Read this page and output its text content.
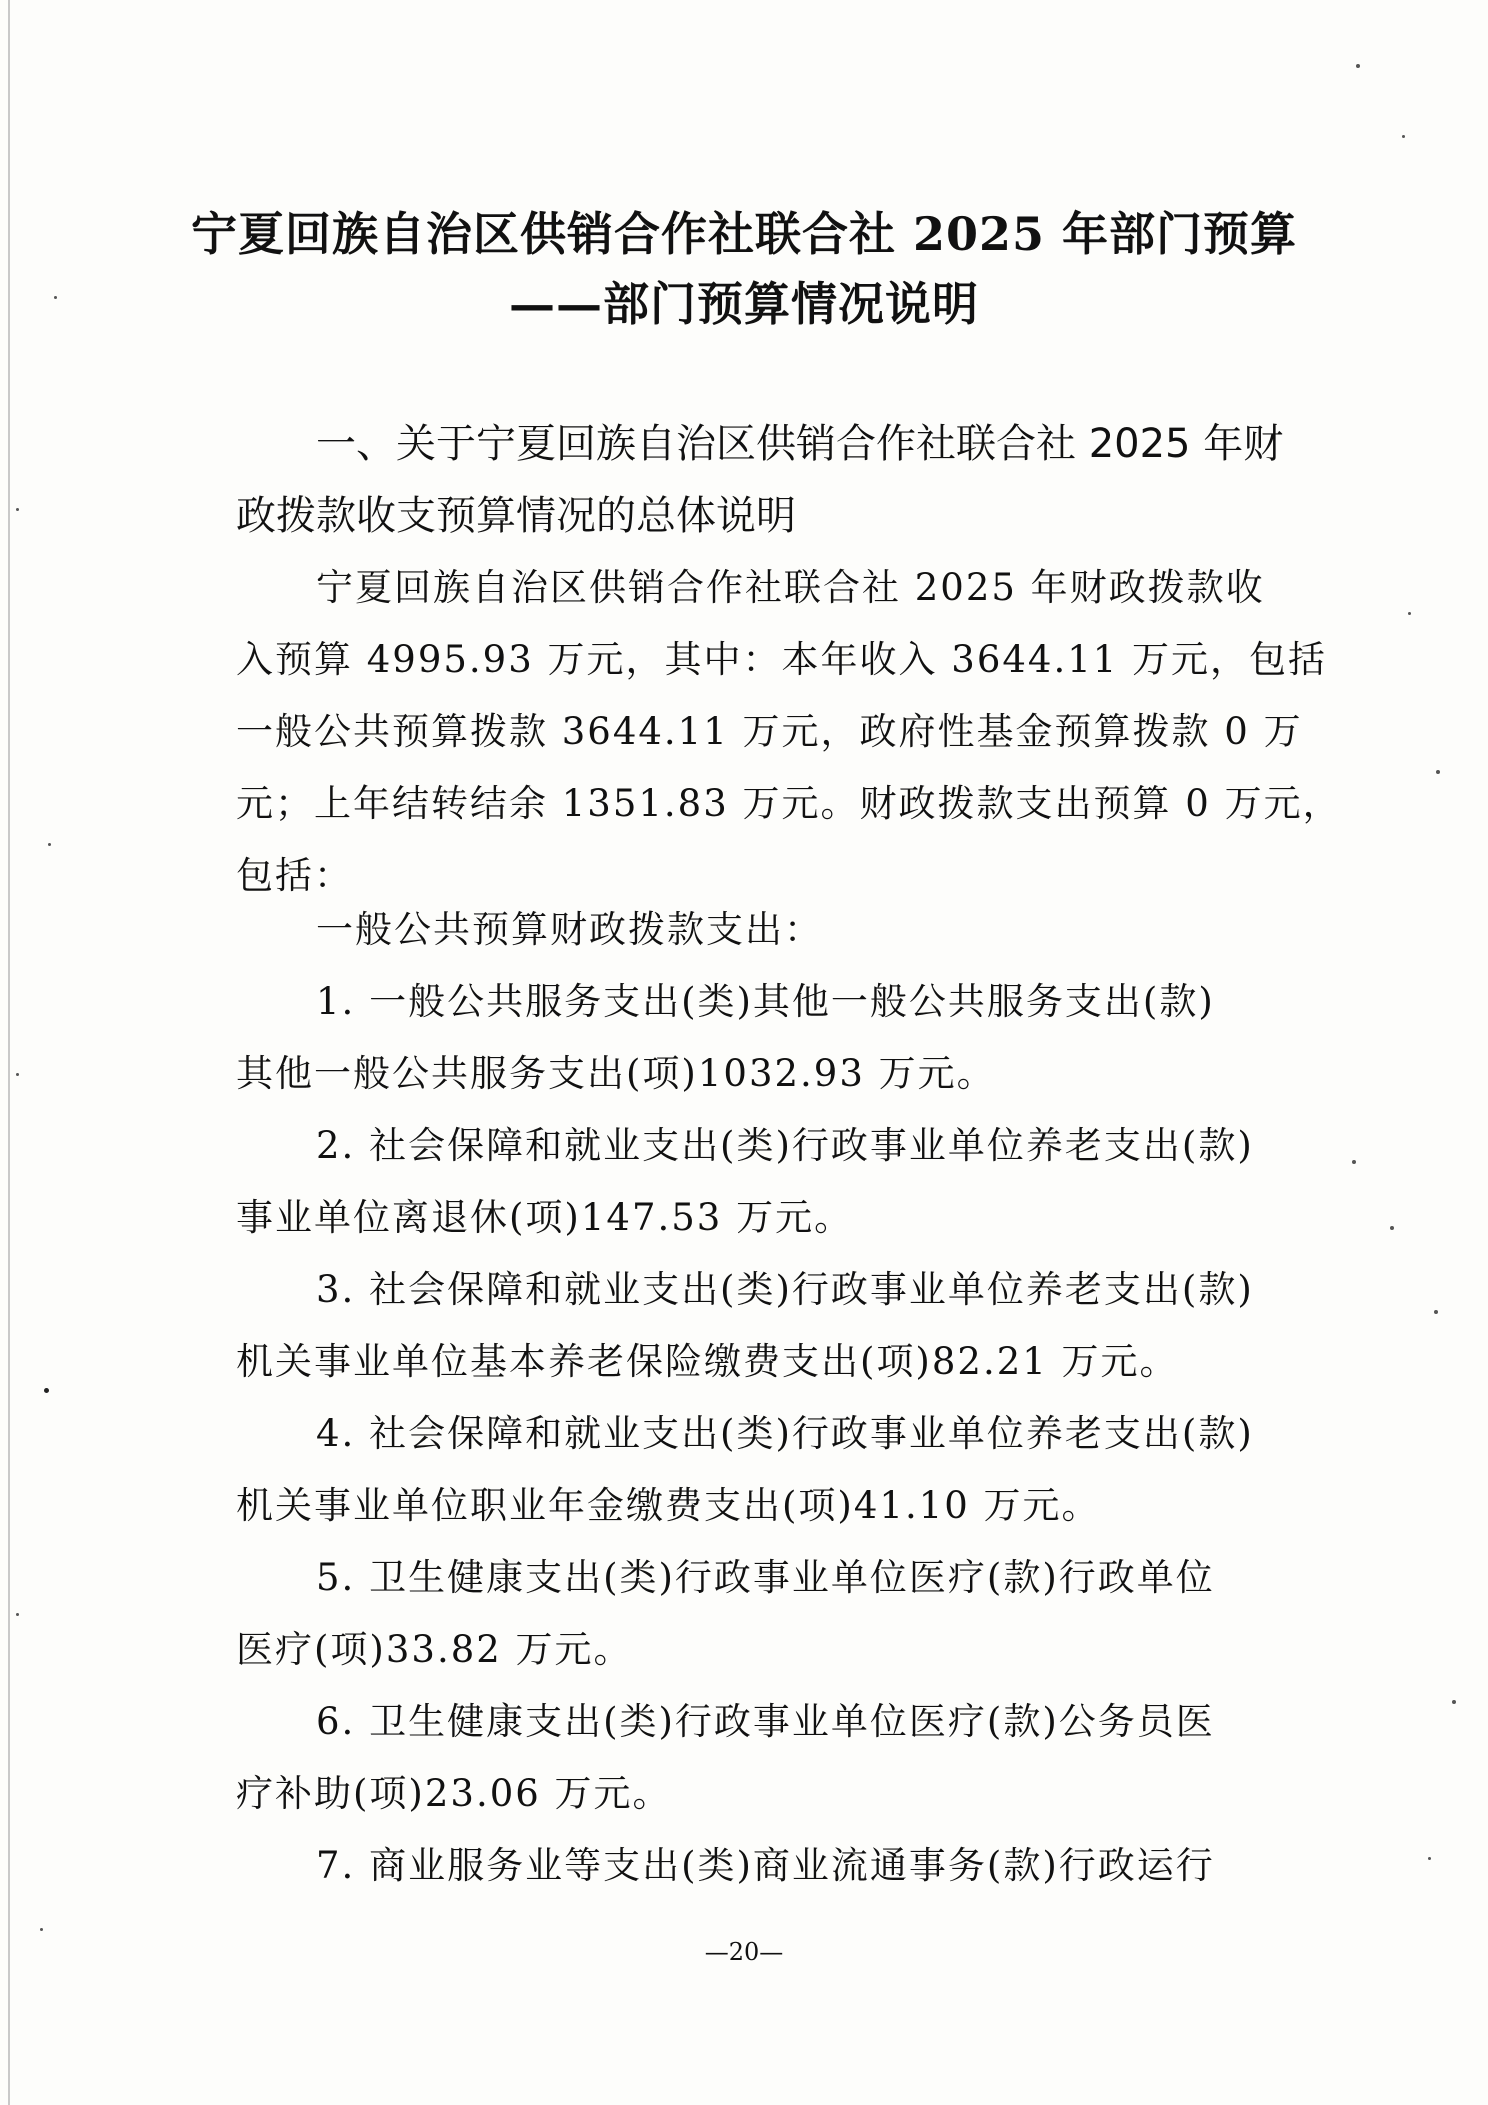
宁夏回族自治区供销合作社联合社 2025 年部门预算
——部门预算情况说明
一、关于宁夏回族自治区供销合作社联合社 2025 年财
政拨款收支预算情况的总体说明
宁夏回族自治区供销合作社联合社 2025 年财政拨款收
入预算 4995.93 万元，其中：本年收入 3644.11 万元，包括
一般公共预算拨款 3644.11 万元，政府性基金预算拨款 0 万
元；上年结转结余 1351.83 万元。财政拨款支出预算 0 万元，
包括：
一般公共预算财政拨款支出：
1. 一般公共服务支出(类)其他一般公共服务支出(款)
其他一般公共服务支出(项)1032.93 万元。
2. 社会保障和就业支出(类)行政事业单位养老支出(款)
事业单位离退休(项)147.53 万元。
3. 社会保障和就业支出(类)行政事业单位养老支出(款)
机关事业单位基本养老保险缴费支出(项)82.21 万元。
4. 社会保障和就业支出(类)行政事业单位养老支出(款)
机关事业单位职业年金缴费支出(项)41.10 万元。
5. 卫生健康支出(类)行政事业单位医疗(款)行政单位
医疗(项)33.82 万元。
6. 卫生健康支出(类)行政事业单位医疗(款)公务员医
疗补助(项)23.06 万元。
7. 商业服务业等支出(类)商业流通事务(款)行政运行
—20—
